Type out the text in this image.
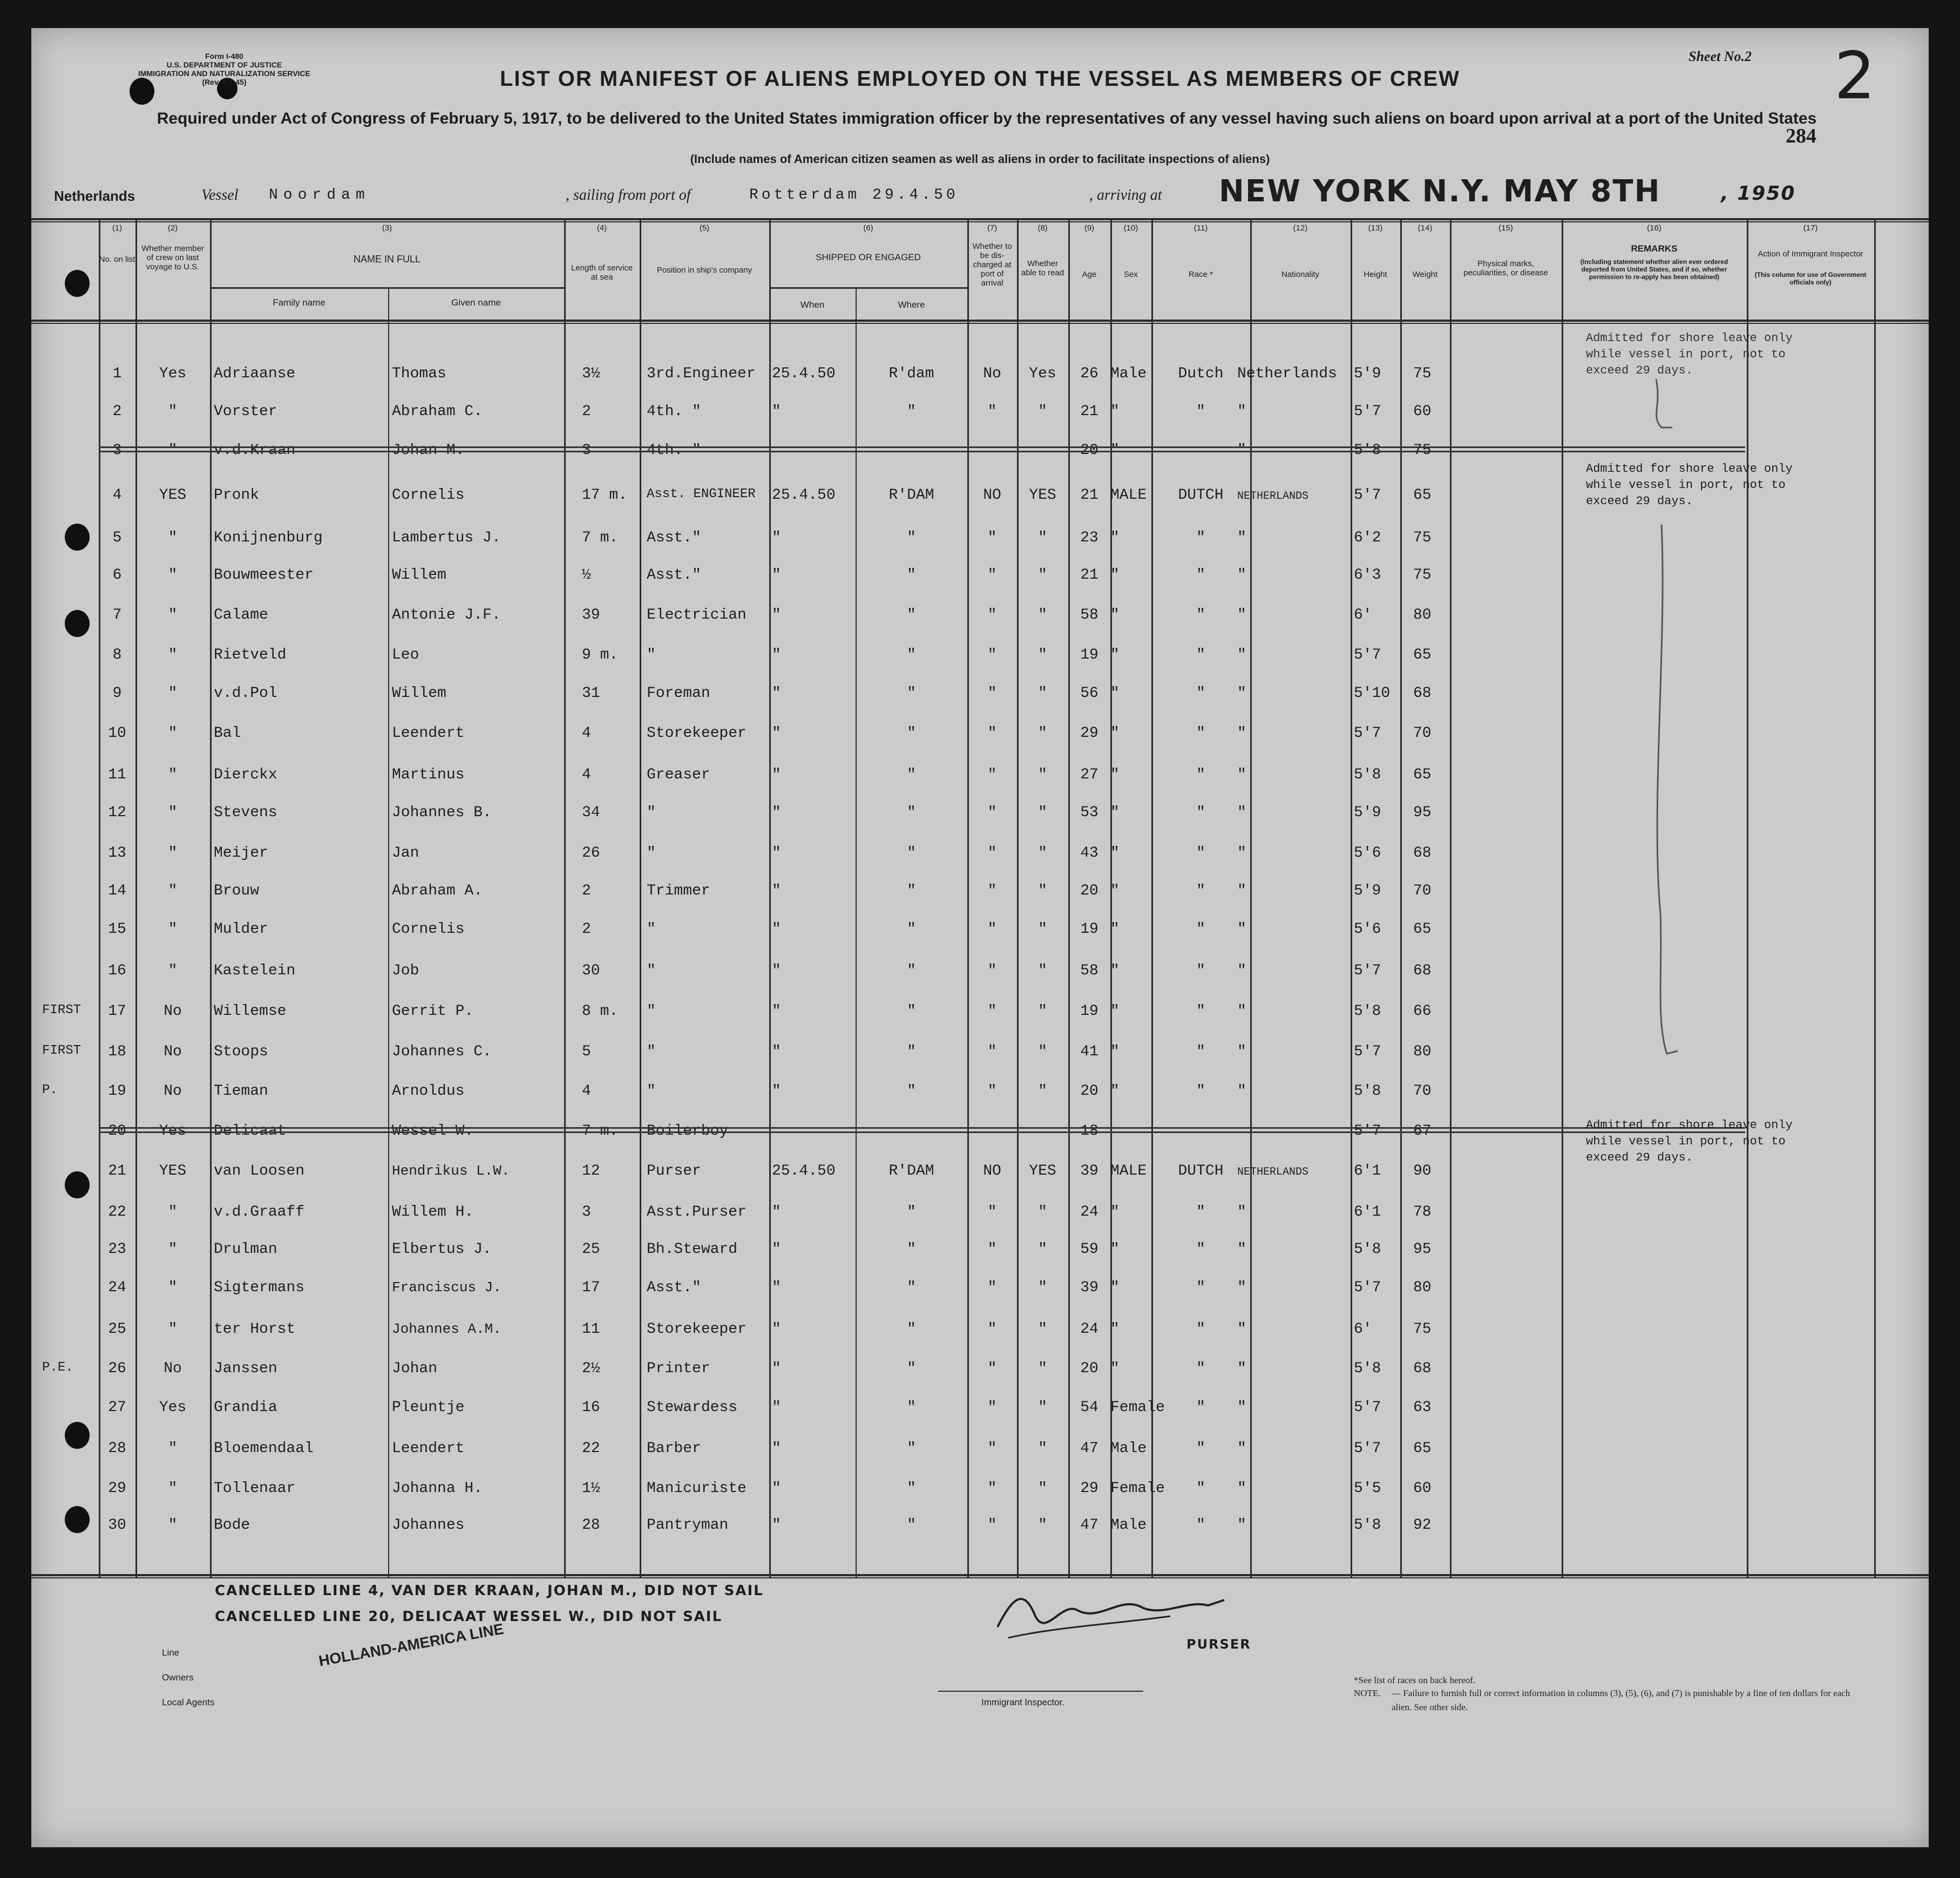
Form I-480
U.S. DEPARTMENT OF JUSTICE
IMMIGRATION AND NATURALIZATION SERVICE
(Rev. 4-1-45)
Sheet No.2 2
284
LIST OR MANIFEST OF ALIENS EMPLOYED ON THE VESSEL AS MEMBERS OF CREW
Required under Act of Congress of February 5, 1917, to be delivered to the United States immigration officer by the representatives of any vessel having such aliens on board upon arrival at a port of the United States
(Include names of American citizen seamen as well as aliens in order to facilitate inspections of aliens)
Netherlands	Vessel Noordam	, sailing from port of	Rotterdam 29.4.50	, arriving at NEW YORK N.Y. MAY 8TH	, 1950
(1)
No. on list
(2)
Whether member of crew on last voyage to U.S.
(3)
NAME IN FULL
Family name	Given name
(4)
Length of service at sea
(5)
Position in ship's company
(6)
SHIPPED OR ENGAGED
When	Where
(7)
Whether to be dis-charged at port of arrival
(8)
Whether able to read
(9)
Age
(10)
Sex
(11)
Race *
(12)
Nationality
(13)
Height
(14)
Weight
(15)
Physical marks, peculiarities, or disease
(16)
REMARKS
(Including statement whether alien ever ordered deported from United States, and if so, whether permission to re-apply has been obtained)
(17)
Action of Immigrant Inspector
(This column for use of Government officials only)
1	Yes	Adriaanse	Thomas	3½	3rd.Engineer 25.4.50	R'dam	No	Yes	26 Male	Dutch Netherlands 5'9 75
2	"	Vorster	Abraham C.	2	4th. "	"	"	"	"	21 "	"	"	5'7 60
3	"	v.d.Kraan	Johan M.	3	4th. "	20 "	"	5'8 75
4	YES	Pronk	Cornelis	17 m. Asst. ENGINEER 25.4.50	R'DAM	NO	YES	21 MALE	DUTCH	NETHERLANDS	5'7 65
5	"	Konijnenburg	Lambertus J.	7 m. Asst."	"	"	"	"	23 "	"	"	6'2 75
6	"	Bouwmeester	Willem	½	Asst."	"	"	"	"	21 "	"	"	6'3 75
7	"	Calame	Antonie J.F.	39	Electrician "	"	"	"	58 "	"	"	6'	80
8	"	Rietveld	Leo	9 m. "	"	"	"	"	19 "	"	"	5'7 65
9	"	v.d.Pol	Willem	31	Foreman	"	"	"	"	56 "	"	"	5'10 68
10	"	Bal	Leendert	4	Storekeeper "	"	"	"	29 "	"	"	5'7 70
11	"	Dierckx	Martinus	4	Greaser	"	"	"	"	27 "	"	"	5'8 65
12	"	Stevens	Johannes B.	34	"	"	"	"	"	53 "	"	"	5'9 95
13	"	Meijer	Jan	26	"	"	"	"	"	43 "	"	"	5'6 68
14	"	Brouw	Abraham A.	2	Trimmer	"	"	"	"	20 "	"	"	5'9 70
15	"	Mulder	Cornelis	2	"	"	"	"	"	19 "	"	"	5'6 65
16	"	Kastelein	Job	30	"	"	"	"	"	58 "	"	"	5'7 68
FIRST	17	No	Willemse	Gerrit P.	8 m. "	"	"	"	"	19 "	"	"	5'8 66
FIRST	18	No	Stoops	Johannes C.	5	"	"	"	"	"	41 "	"	"	5'7 80
P.	19	No	Tieman	Arnoldus	4	"	"	"	"	"	20 "	"	"	5'8 70
20	Yes	Delicaat	Wessel W.	7 m. Boilerboy	18	5'7 67
21	YES	van Loosen	Hendrikus L.W.	12	Purser	25.4.50	R'DAM	NO	YES	39 MALE	DUTCH	NETHERLANDS	6'1 90
22	"	v.d.Graaff	Willem H.	3	Asst.Purser "	"	"	"	24 "	"	"	6'1 78
23	"	Drulman	Elbertus J.	25	Bh.Steward "	"	"	"	59 "	"	"	5'8 95
24	"	Sigtermans	Franciscus J.	17	Asst."	"	"	"	"	39 "	"	"	5'7 80
25	"	ter Horst	Johannes A.M.	11	Storekeeper "	"	"	"	24 "	"	"	6'	75
P.E.	26	No	Janssen	Johan	2½	Printer	"	"	"	"	20 "	"	"	5'8 68
27	Yes	Grandia	Pleuntje	16	Stewardess "	"	"	"	54 Female	"	"	5'7 63
28	"	Bloemendaal	Leendert	22	Barber	"	"	"	"	47 Male	"	"	5'7 65
29	"	Tollenaar	Johanna H.	1½	Manicuriste "	"	"	"	29 Female	"	"	5'5 60
30	"	Bode	Johannes	28	Pantryman	"	"	"	"	47 Male	"	"	5'8 92
Admitted for shore leave only while vessel in port, not to exceed 29 days.
Admitted for shore leave only while vessel in port, not to exceed 29 days.
Admitted for shore leave only while vessel in port, not to exceed 29 days.
CANCELLED LINE 4, VAN DER KRAAN, JOHAN M., DID NOT SAIL
CANCELLED LINE 20, DELICAAT WESSEL W., DID NOT SAIL
PURSER
Line
Owners
Local Agents
HOLLAND-AMERICA LINE
Immigrant Inspector.
*See list of races on back hereof.
NOTE.	— Failure to furnish full or correct information in columns (3), (5), (6), and (7) is punishable by a fine of ten dollars for each alien. See other side.
